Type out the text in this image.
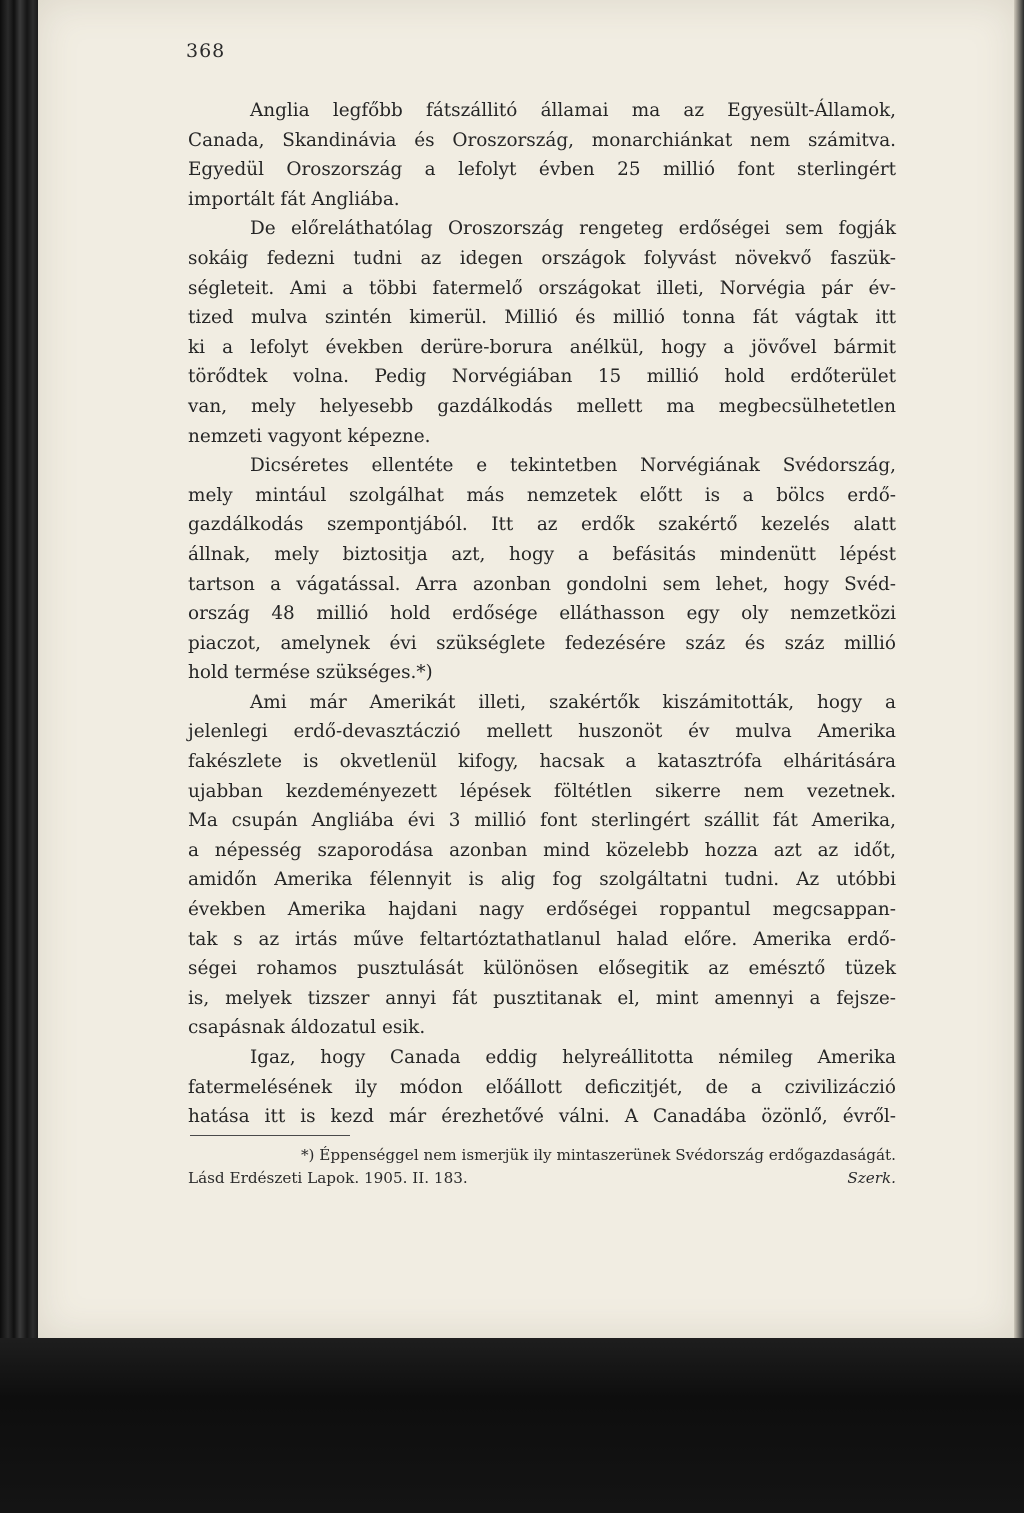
368
Anglia legfőbb fátszállitó államai ma az Egyesült-Államok,
Canada, Skandinávia és Oroszország, monarchiánkat nem számitva.
Egyedül Oroszország a lefolyt évben 25 millió font sterlingért
importált fát Angliába.
De előreláthatólag Oroszország rengeteg erdőségei sem fogják
sokáig fedezni tudni az idegen országok folyvást növekvő faszük-
ségleteit. Ami a többi fatermelő országokat illeti, Norvégia pár év-
tized mulva szintén kimerül. Millió és millió tonna fát vágtak itt
ki a lefolyt években derüre-borura anélkül, hogy a jövővel bármit
törődtek volna. Pedig Norvégiában 15 millió hold erdőterület
van, mely helyesebb gazdálkodás mellett ma megbecsülhetetlen
nemzeti vagyont képezne.
Dicséretes ellentéte e tekintetben Norvégiának Svédország,
mely mintául szolgálhat más nemzetek előtt is a bölcs erdő-
gazdálkodás szempontjából. Itt az erdők szakértő kezelés alatt
állnak, mely biztositja azt, hogy a befásitás mindenütt lépést
tartson a vágatással. Arra azonban gondolni sem lehet, hogy Svéd-
ország 48 millió hold erdősége elláthasson egy oly nemzetközi
piaczot, amelynek évi szükséglete fedezésére száz és száz millió
hold termése szükséges.*)
Ami már Amerikát illeti, szakértők kiszámitották, hogy a
jelenlegi erdő-devasztáczió mellett huszonöt év mulva Amerika
fakészlete is okvetlenül kifogy, hacsak a katasztrófa elháritására
ujabban kezdeményezett lépések föltétlen sikerre nem vezetnek.
Ma csupán Angliába évi 3 millió font sterlingért szállit fát Amerika,
a népesség szaporodása azonban mind közelebb hozza azt az időt,
amidőn Amerika félennyit is alig fog szolgáltatni tudni. Az utóbbi
években Amerika hajdani nagy erdőségei roppantul megcsappan-
tak s az irtás műve feltartóztathatlanul halad előre. Amerika erdő-
ségei rohamos pusztulását különösen elősegitik az emésztő tüzek
is, melyek tizszer annyi fát pusztitanak el, mint amennyi a fejsze-
csapásnak áldozatul esik.
Igaz, hogy Canada eddig helyreállitotta némileg Amerika
fatermelésének ily módon előállott deficzitjét, de a czivilizáczió
hatása itt is kezd már érezhetővé válni. A Canadába özönlő, évről-
*) Éppenséggel nem ismerjük ily mintaszerünek Svédország erdőgazdaságát.
Lásd Erdészeti Lapok. 1905. II. 183.	Szerk.
